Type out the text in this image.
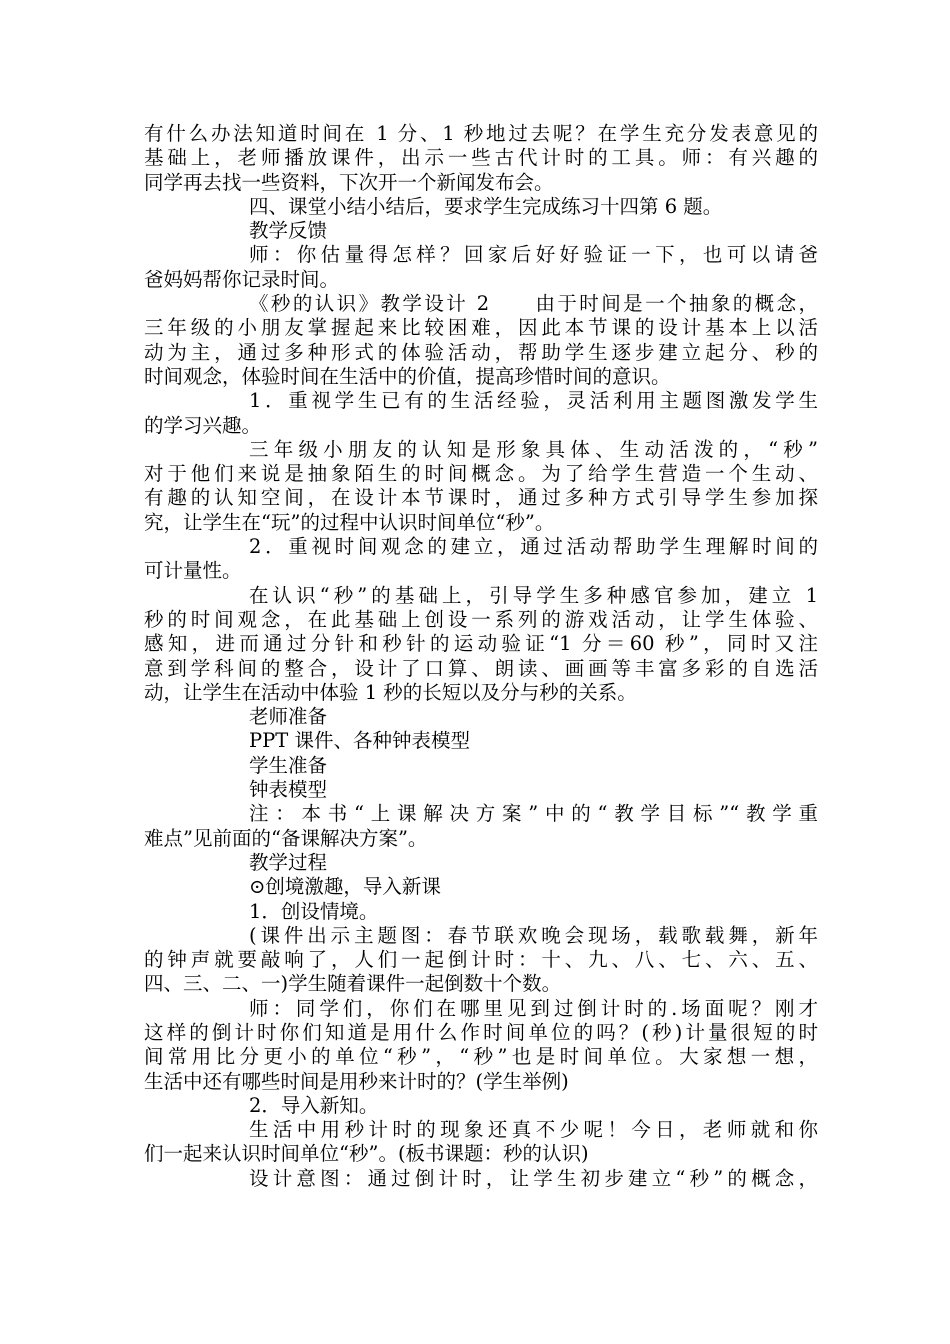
有什么办法知道时间在 1 分、1 秒地过去呢？在学生充分发表意见的
基础上，老师播放课件，出示一些古代计时的工具。师：有兴趣的
同学再去找一些资料，下次开一个新闻发布会。
四、课堂小结小结后，要求学生完成练习十四第 6 题。
教学反馈
师：你估量得怎样？回家后好好验证一下，也可以请爸
爸妈妈帮你记录时间。
《秒的认识》教学设计 2　　由于时间是一个抽象的概念，
三年级的小朋友掌握起来比较困难，因此本节课的设计基本上以活
动为主，通过多种形式的体验活动，帮助学生逐步建立起分、秒的
时间观念，体验时间在生活中的价值，提高珍惜时间的意识。
1．重视学生已有的生活经验，灵活利用主题图激发学生
的学习兴趣。
三年级小朋友的认知是形象具体、生动活泼的，“秒”
对于他们来说是抽象陌生的时间概念。为了给学生营造一个生动、
有趣的认知空间，在设计本节课时，通过多种方式引导学生参加探
究，让学生在“玩”的过程中认识时间单位“秒”。
2．重视时间观念的建立，通过活动帮助学生理解时间的
可计量性。
在认识“秒”的基础上，引导学生多种感官参加，建立 1
秒的时间观念，在此基础上创设一系列的游戏活动，让学生体验、
感知，进而通过分针和秒针的运动验证“1 分＝60 秒”，同时又注
意到学科间的整合，设计了口算、朗读、画画等丰富多彩的自选活
动，让学生在活动中体验 1 秒的长短以及分与秒的关系。
老师准备
PPT 课件、各种钟表模型
学生准备
钟表模型
注：本书“上课解决方案”中的“教学目标”“教学重
难点”见前面的“备课解决方案”。
教学过程
⊙创境激趣，导入新课
1．创设情境。
(课件出示主题图：春节联欢晚会现场，载歌载舞，新年
的钟声就要敲响了，人们一起倒计时：十、九、八、七、六、五、
四、三、二、一)学生随着课件一起倒数十个数。
师：同学们，你们在哪里见到过倒计时的.场面呢？刚才
这样的倒计时你们知道是用什么作时间单位的吗？(秒)计量很短的时
间常用比分更小的单位“秒”，“秒”也是时间单位。大家想一想，
生活中还有哪些时间是用秒来计时的？(学生举例)
2．导入新知。
生活中用秒计时的现象还真不少呢！今日，老师就和你
们一起来认识时间单位“秒”。(板书课题：秒的认识)
设计意图：通过倒计时，让学生初步建立“秒”的概念，
